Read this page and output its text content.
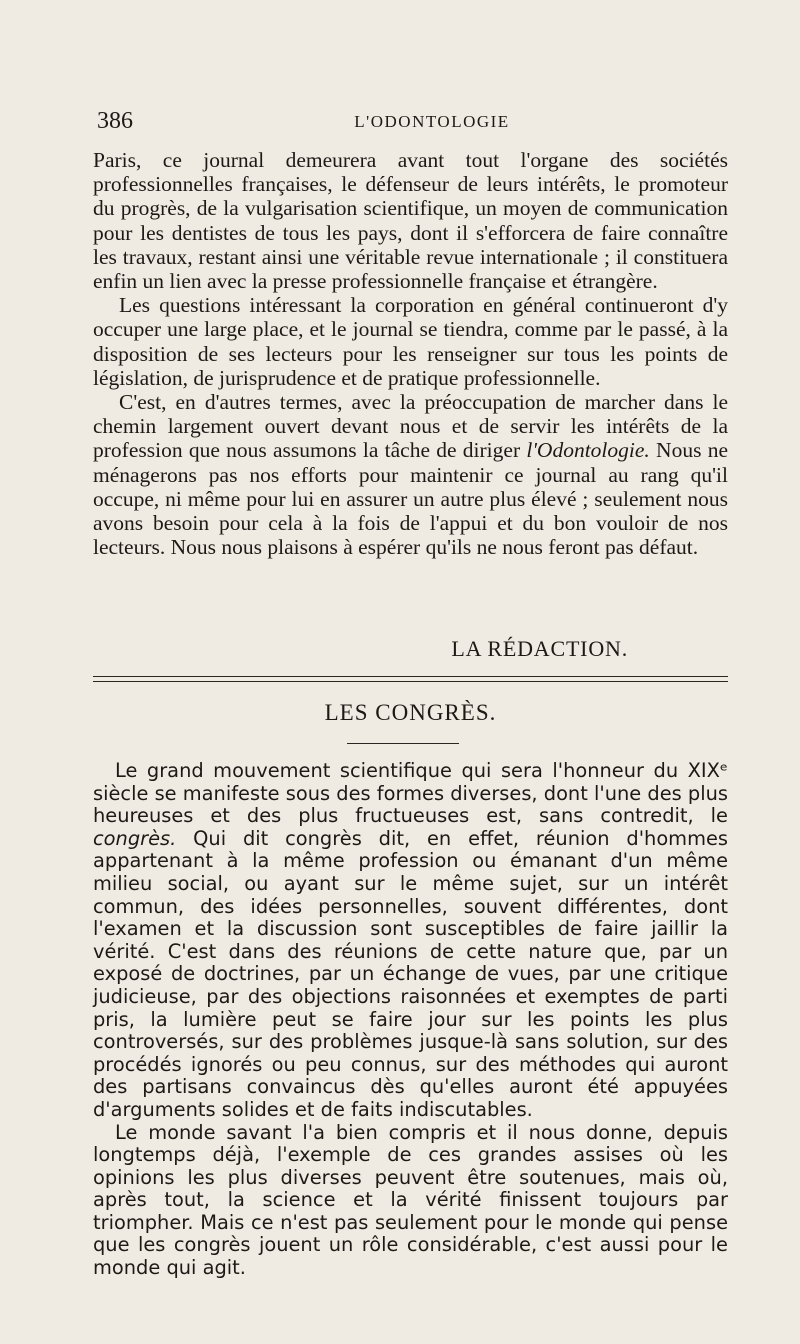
386	L'ODONTOLOGIE

Paris, ce journal demeurera avant tout l'organe des sociétés professionnelles françaises, le défenseur de leurs intérêts, le promoteur du progrès, de la vulgarisation scientifique, un moyen de communication pour les dentistes de tous les pays, dont il s'efforcera de faire connaître les travaux, restant ainsi une véritable revue internationale ; il constituera enfin un lien avec la presse professionnelle française et étrangère.

Les questions intéressant la corporation en général continueront d'y occuper une large place, et le journal se tiendra, comme par le passé, à la disposition de ses lecteurs pour les renseigner sur tous les points de législation, de jurisprudence et de pratique professionnelle.

C'est, en d'autres termes, avec la préoccupation de marcher dans le chemin largement ouvert devant nous et de servir les intérêts de la profession que nous assumons la tâche de diriger l'Odontologie. Nous ne ménagerons pas nos efforts pour maintenir ce journal au rang qu'il occupe, ni même pour lui en assurer un autre plus élevé ; seulement nous avons besoin pour cela à la fois de l'appui et du bon vouloir de nos lecteurs. Nous nous plaisons à espérer qu'ils ne nous feront pas défaut.

LA RÉDACTION.
LES CONGRÈS.

Le grand mouvement scientifique qui sera l'honneur du XIXᵉ siècle se manifeste sous des formes diverses, dont l'une des plus heureuses et des plus fructueuses est, sans contredit, le congrès. Qui dit congrès dit, en effet, réunion d'hommes appartenant à la même profession ou émanant d'un même milieu social, ou ayant sur le même sujet, sur un intérêt commun, des idées personnelles, souvent différentes, dont l'examen et la discussion sont susceptibles de faire jaillir la vérité. C'est dans des réunions de cette nature que, par un exposé de doctrines, par un échange de vues, par une critique judicieuse, par des objections raisonnées et exemptes de parti pris, la lumière peut se faire jour sur les points les plus controversés, sur des problèmes jusque-là sans solution, sur des procédés ignorés ou peu connus, sur des méthodes qui auront des partisans convaincus dès qu'elles auront été appuyées d'arguments solides et de faits indiscutables.

Le monde savant l'a bien compris et il nous donne, depuis longtemps déjà, l'exemple de ces grandes assises où les opinions les plus diverses peuvent être soutenues, mais où, après tout, la science et la vérité finissent toujours par triompher. Mais ce n'est pas seulement pour le monde qui pense que les congrès jouent un rôle considérable, c'est aussi pour le monde qui agit.
